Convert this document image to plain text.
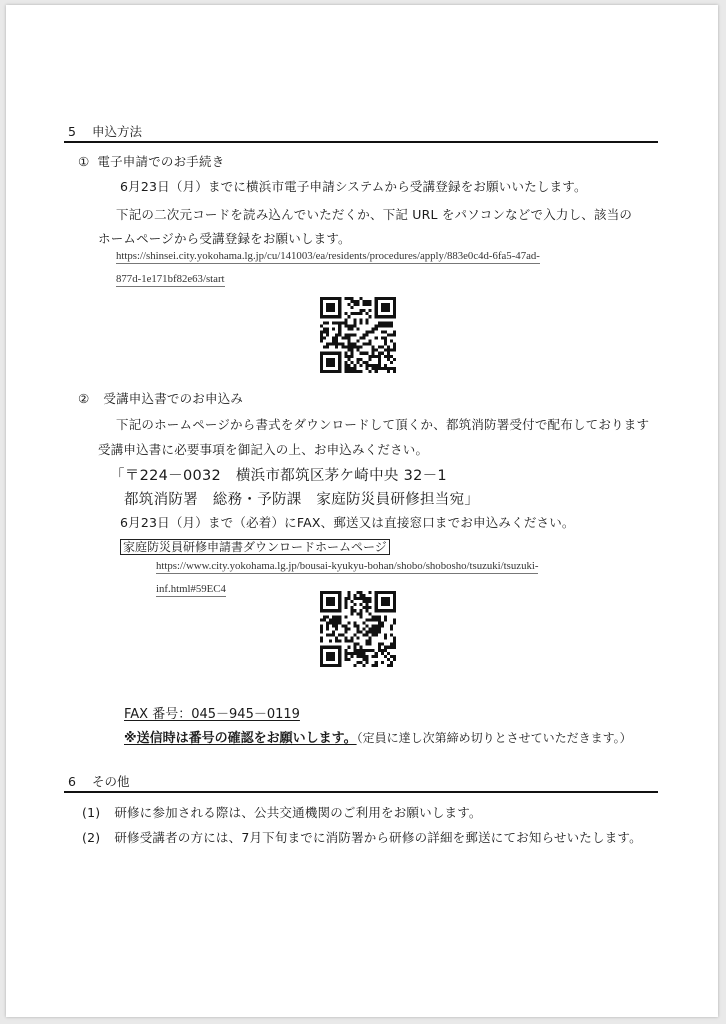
5 申込方法
① 電子申請でのお手続き
6月23日（月）までに横浜市電子申請システムから受講登録をお願いいたします。
下記の二次元コードを読み込んでいただくか、下記 URL をパソコンなどで入力し、該当の
ホームページから受講登録をお願いします。
https://shinsei.city.yokohama.lg.jp/cu/141003/ea/residents/procedures/apply/883e0c4d-6fa5-47ad-
877d-1e171bf82e63/start
② 受講申込書でのお申込み
下記のホームページから書式をダウンロードして頂くか、都筑消防署受付で配布しております
受講申込書に必要事項を御記入の上、お申込みください。
「〒224－0032　横浜市都筑区茅ケ崎中央 32－1
都筑消防署　総務・予防課　家庭防災員研修担当宛」
6月23日（月）まで（必着）にFAX、郵送又は直接窓口までお申込みください。
家庭防災員研修申請書ダウンロードホームページ
https://www.city.yokohama.lg.jp/bousai-kyukyu-bohan/shobo/shobosho/tsuzuki/tsuzuki-
inf.html#59EC4
FAX 番号：045－945－0119
※送信時は番号の確認をお願いします。（定員に達し次第締め切りとさせていただきます。）
6 その他
(1) 研修に参加される際は、公共交通機関のご利用をお願いします。
(2) 研修受講者の方には、7月下旬までに消防署から研修の詳細を郵送にてお知らせいたします。
